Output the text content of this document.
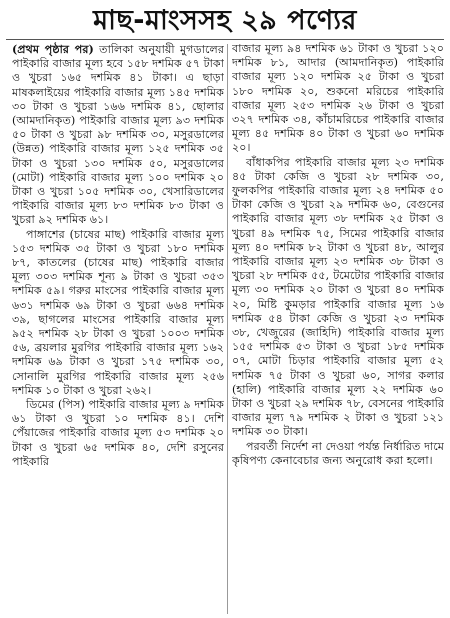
মাছ-মাংসসহ ২৯ পণ্যের

(প্রথম পৃষ্ঠার পর) তালিকা অনুযায়ী মুগডালের পাইকারি বাজার মূল্য হবে ১৫৮ দশমিক ৫৭ টাকা ও খুচরা ১৬৫ দশমিক ৪১ টাকা। এ ছাড়া মাষকলাইয়ের পাইকারি বাজার মূল্য ১৪৫ দশমিক ৩০ টাকা ও খুচরা ১৬৬ দশমিক ৪১, ছোলার (আমদানিকৃত) পাইকারি বাজার মূল্য ৯৩ দশমিক ৫০ টাকা ও খুচরা ৯৮ দশমিক ৩০, মসুরডালের (উন্নত) পাইকারি বাজার মূল্য ১২৫ দশমিক ৩৫ টাকা ও খুচরা ১৩০ দশমিক ৫০, মসুরডালের (মোটা) পাইকারি বাজার মূল্য ১০০ দশমিক ২০ টাকা ও খুচরা ১০৫ দশমিক ৩০, খেসারিডালের পাইকারি বাজার মূল্য ৮৩ দশমিক ৮৩ টাকা ও খুচরা ৯২ দশমিক ৬১।

পাঙ্গাশের (চাষের মাছ) পাইকারি বাজার মূল্য ১৫৩ দশমিক ৩৫ টাকা ও খুচরা ১৮০ দশমিক ৮৭, কাতলের (চাষের মাছ) পাইকারি বাজার মূল্য ৩০৩ দশমিক শূন্য ৯ টাকা ও খুচরা ৩৫৩ দশমিক ৫৯। গরুর মাংসের পাইকারি বাজার মূল্য ৬৩১ দশমিক ৬৯ টাকা ও খুচরা ৬৬৪ দশমিক ৩৯, ছাগলের মাংসের পাইকারি বাজার মূল্য ৯৫২ দশমিক ২৮ টাকা ও খুচরা ১০০৩ দশমিক ৫৬, ব্রয়লার মুরগির পাইকারি বাজার মূল্য ১৬২ দশমিক ৬৯ টাকা ও খুচরা ১৭৫ দশমিক ৩০, সোনালি মুরগির পাইকারি বাজার মূল্য ২৫৬ দশমিক ১০ টাকা ও খুচরা ২৬২।

ডিমের (পিস) পাইকারি বাজার মূল্য ৯ দশমিক ৬১ টাকা ও খুচরা ১০ দশমিক ৪১। দেশি পেঁয়াজের পাইকারি বাজার মূল্য ৫৩ দশমিক ২০ টাকা ও খুচরা ৬৫ দশমিক ৪০, দেশি রসুনের পাইকারি

বাজার মূল্য ৯৪ দশমিক ৬১ টাকা ও খুচরা ১২০ দশমিক ৮১, আদার (আমদানিকৃত) পাইকারি বাজার মূল্য ১২০ দশমিক ২৫ টাকা ও খুচরা ১৮০ দশমিক ২০, শুকনো মরিচের পাইকারি বাজার মূল্য ২৫৩ দশমিক ২৬ টাকা ও খুচরা ৩২৭ দশমিক ৩৪, কাঁচামরিচের পাইকারি বাজার মূল্য ৪৫ দশমিক ৪০ টাকা ও খুচরা ৬০ দশমিক ২০।

বাঁধাকপির পাইকারি বাজার মূল্য ২৩ দশমিক ৪৫ টাকা কেজি ও খুচরা ২৮ দশমিক ৩০, ফুলকপির পাইকারি বাজার মূল্য ২৪ দশমিক ৫০ টাকা কেজি ও খুচরা ২৯ দশমিক ৬০, বেগুনের পাইকারি বাজার মূল্য ৩৮ দশমিক ২৫ টাকা ও খুচরা ৪৯ দশমিক ৭৫, সিমের পাইকারি বাজার মূল্য ৪০ দশমিক ৮২ টাকা ও খুচরা ৪৮, আলুর পাইকারি বাজার মূল্য ২৩ দশমিক ৩৮ টাকা ও খুচরা ২৮ দশমিক ৫৫, টমেটোর পাইকারি বাজার মূল্য ৩০ দশমিক ২০ টাকা ও খুচরা ৪০ দশমিক ২০, মিষ্টি কুমড়ার পাইকারি বাজার মূল্য ১৬ দশমিক ৫৪ টাকা কেজি ও খুচরা ২৩ দশমিক ৩৮, খেজুরের (জাহিদি) পাইকারি বাজার মূল্য ১৫৫ দশমিক ৫৩ টাকা ও খুচরা ১৮৫ দশমিক ০৭, মোটা চিড়ার পাইকারি বাজার মূল্য ৫২ দশমিক ৭৫ টাকা ও খুচরা ৬০, সাগর কলার (হালি) পাইকারি বাজার মূল্য ২২ দশমিক ৬০ টাকা ও খুচরা ২৯ দশমিক ৭৮, বেসনের পাইকারি বাজার মূল্য ৭৯ দশমিক ২ টাকা ও খুচরা ১২১ দশমিক ৩০ টাকা।

পরবর্তী নির্দেশ না দেওয়া পর্যন্ত নির্ধারিত দামে কৃষিপণ্য কেনাবেচার জন্য অনুরোধ করা হলো।
